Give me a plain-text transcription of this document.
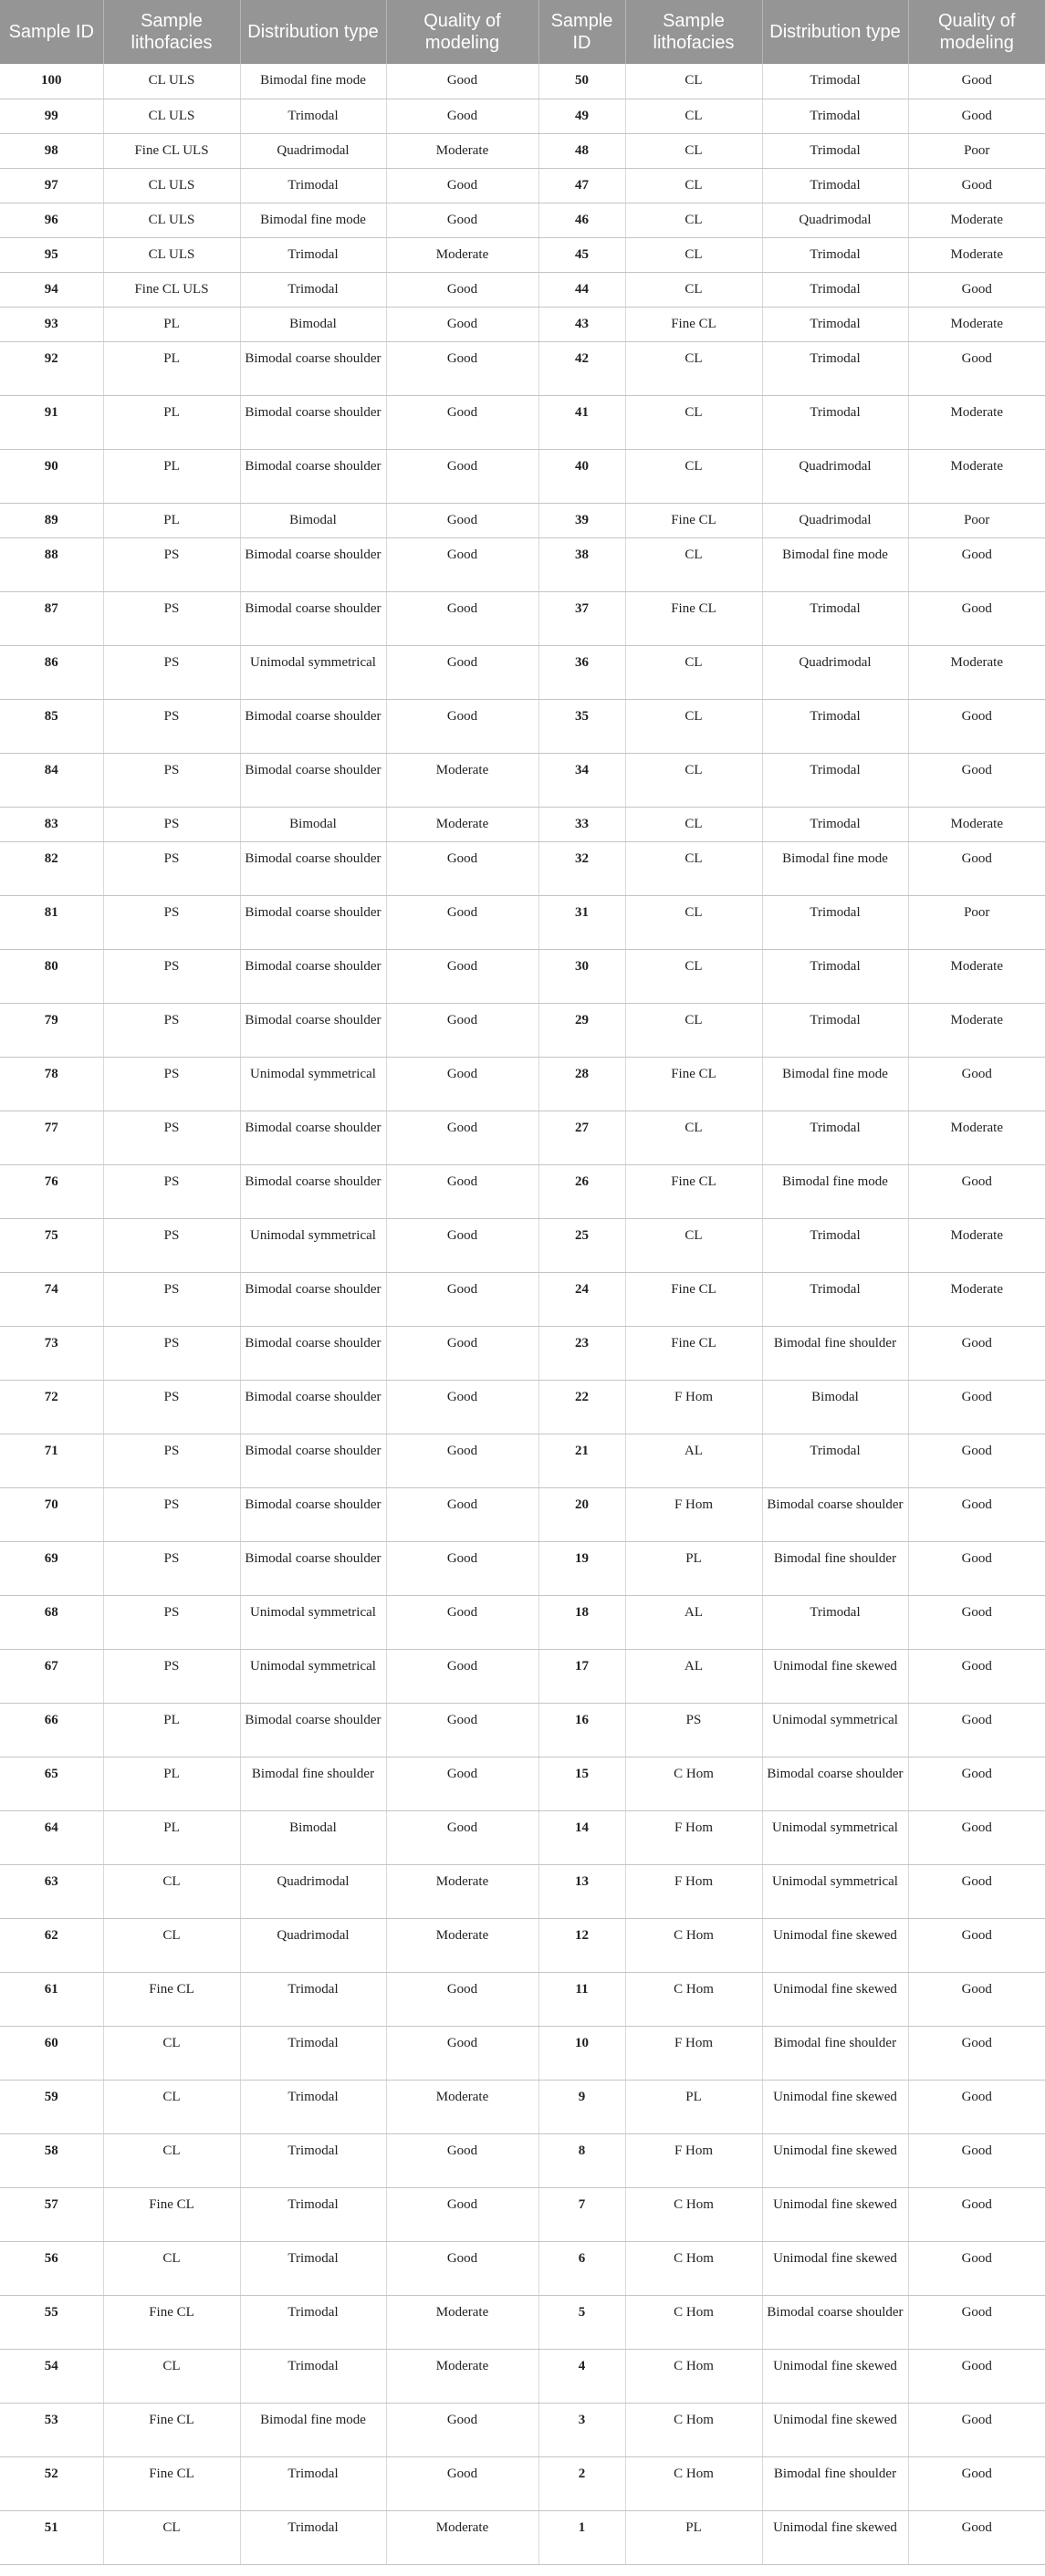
Sample ID	Sample lithofacies	Distribution type	Quality of modeling	Sample ID	Sample lithofacies	Distribution type	Quality of modeling
100	CL ULS	Bimodal fine mode	Good	50	CL	Trimodal	Good
99	CL ULS	Trimodal	Good	49	CL	Trimodal	Good
98	Fine CL ULS	Quadrimodal	Moderate	48	CL	Trimodal	Poor
97	CL ULS	Trimodal	Good	47	CL	Trimodal	Good
96	CL ULS	Bimodal fine mode	Good	46	CL	Quadrimodal	Moderate
95	CL ULS	Trimodal	Moderate	45	CL	Trimodal	Moderate
94	Fine CL ULS	Trimodal	Good	44	CL	Trimodal	Good
93	PL	Bimodal	Good	43	Fine CL	Trimodal	Moderate
92	PL	Bimodal coarse shoulder	Good	42	CL	Trimodal	Good
91	PL	Bimodal coarse shoulder	Good	41	CL	Trimodal	Moderate
90	PL	Bimodal coarse shoulder	Good	40	CL	Quadrimodal	Moderate
89	PL	Bimodal	Good	39	Fine CL	Quadrimodal	Poor
88	PS	Bimodal coarse shoulder	Good	38	CL	Bimodal fine mode	Good
87	PS	Bimodal coarse shoulder	Good	37	Fine CL	Trimodal	Good
86	PS	Unimodal symmetrical	Good	36	CL	Quadrimodal	Moderate
85	PS	Bimodal coarse shoulder	Good	35	CL	Trimodal	Good
84	PS	Bimodal coarse shoulder	Moderate	34	CL	Trimodal	Good
83	PS	Bimodal	Moderate	33	CL	Trimodal	Moderate
82	PS	Bimodal coarse shoulder	Good	32	CL	Bimodal fine mode	Good
81	PS	Bimodal coarse shoulder	Good	31	CL	Trimodal	Poor
80	PS	Bimodal coarse shoulder	Good	30	CL	Trimodal	Moderate
79	PS	Bimodal coarse shoulder	Good	29	CL	Trimodal	Moderate
78	PS	Unimodal symmetrical	Good	28	Fine CL	Bimodal fine mode	Good
77	PS	Bimodal coarse shoulder	Good	27	CL	Trimodal	Moderate
76	PS	Bimodal coarse shoulder	Good	26	Fine CL	Bimodal fine mode	Good
75	PS	Unimodal symmetrical	Good	25	CL	Trimodal	Moderate
74	PS	Bimodal coarse shoulder	Good	24	Fine CL	Trimodal	Moderate
73	PS	Bimodal coarse shoulder	Good	23	Fine CL	Bimodal fine shoulder	Good
72	PS	Bimodal coarse shoulder	Good	22	F Hom	Bimodal	Good
71	PS	Bimodal coarse shoulder	Good	21	AL	Trimodal	Good
70	PS	Bimodal coarse shoulder	Good	20	F Hom	Bimodal coarse shoulder	Good
69	PS	Bimodal coarse shoulder	Good	19	PL	Bimodal fine shoulder	Good
68	PS	Unimodal symmetrical	Good	18	AL	Trimodal	Good
67	PS	Unimodal symmetrical	Good	17	AL	Unimodal fine skewed	Good
66	PL	Bimodal coarse shoulder	Good	16	PS	Unimodal symmetrical	Good
65	PL	Bimodal fine shoulder	Good	15	C Hom	Bimodal coarse shoulder	Good
64	PL	Bimodal	Good	14	F Hom	Unimodal symmetrical	Good
63	CL	Quadrimodal	Moderate	13	F Hom	Unimodal symmetrical	Good
62	CL	Quadrimodal	Moderate	12	C Hom	Unimodal fine skewed	Good
61	Fine CL	Trimodal	Good	11	C Hom	Unimodal fine skewed	Good
60	CL	Trimodal	Good	10	F Hom	Bimodal fine shoulder	Good
59	CL	Trimodal	Moderate	9	PL	Unimodal fine skewed	Good
58	CL	Trimodal	Good	8	F Hom	Unimodal fine skewed	Good
57	Fine CL	Trimodal	Good	7	C Hom	Unimodal fine skewed	Good
56	CL	Trimodal	Good	6	C Hom	Unimodal fine skewed	Good
55	Fine CL	Trimodal	Moderate	5	C Hom	Bimodal coarse shoulder	Good
54	CL	Trimodal	Moderate	4	C Hom	Unimodal fine skewed	Good
53	Fine CL	Bimodal fine mode	Good	3	C Hom	Unimodal fine skewed	Good
52	Fine CL	Trimodal	Good	2	C Hom	Bimodal fine shoulder	Good
51	CL	Trimodal	Moderate	1	PL	Unimodal fine skewed	Good
